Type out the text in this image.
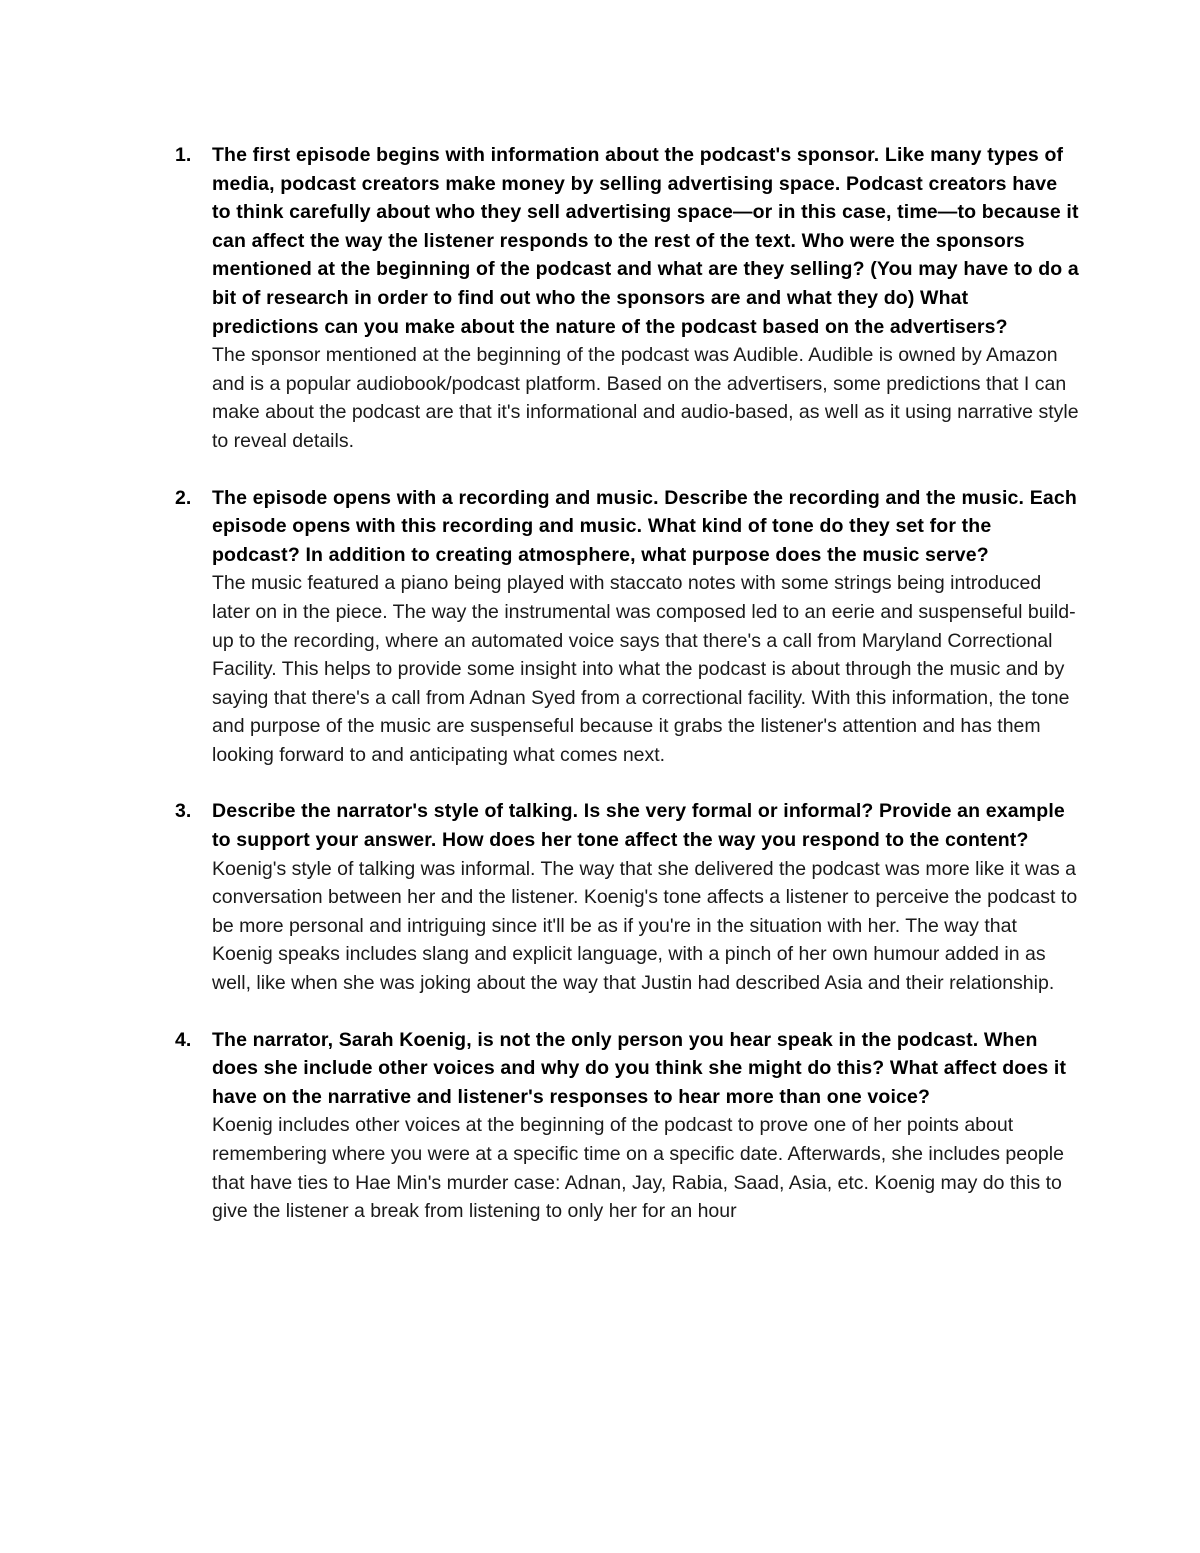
1. The first episode begins with information about the podcast's sponsor. Like many types of media, podcast creators make money by selling advertising space. Podcast creators have to think carefully about who they sell advertising space—or in this case, time—to because it can affect the way the listener responds to the rest of the text. Who were the sponsors mentioned at the beginning of the podcast and what are they selling? (You may have to do a bit of research in order to find out who the sponsors are and what they do) What predictions can you make about the nature of the podcast based on the advertisers?

The sponsor mentioned at the beginning of the podcast was Audible. Audible is owned by Amazon and is a popular audiobook/podcast platform. Based on the advertisers, some predictions that I can make about the podcast are that it's informational and audio-based, as well as it using narrative style to reveal details.

2. The episode opens with a recording and music. Describe the recording and the music. Each episode opens with this recording and music. What kind of tone do they set for the podcast? In addition to creating atmosphere, what purpose does the music serve?

The music featured a piano being played with staccato notes with some strings being introduced later on in the piece. The way the instrumental was composed led to an eerie and suspenseful build-up to the recording, where an automated voice says that there's a call from Maryland Correctional Facility. This helps to provide some insight into what the podcast is about through the music and by saying that there's a call from Adnan Syed from a correctional facility. With this information, the tone and purpose of the music are suspenseful because it grabs the listener's attention and has them looking forward to and anticipating what comes next.

3. Describe the narrator's style of talking. Is she very formal or informal? Provide an example to support your answer. How does her tone affect the way you respond to the content?

Koenig's style of talking was informal. The way that she delivered the podcast was more like it was a conversation between her and the listener. Koenig's tone affects a listener to perceive the podcast to be more personal and intriguing since it'll be as if you're in the situation with her. The way that Koenig speaks includes slang and explicit language, with a pinch of her own humour added in as well, like when she was joking about the way that Justin had described Asia and their relationship.

4. The narrator, Sarah Koenig, is not the only person you hear speak in the podcast. When does she include other voices and why do you think she might do this? What affect does it have on the narrative and listener's responses to hear more than one voice?

Koenig includes other voices at the beginning of the podcast to prove one of her points about remembering where you were at a specific time on a specific date. Afterwards, she includes people that have ties to Hae Min's murder case: Adnan, Jay, Rabia, Saad, Asia, etc. Koenig may do this to give the listener a break from listening to only her for an hour
